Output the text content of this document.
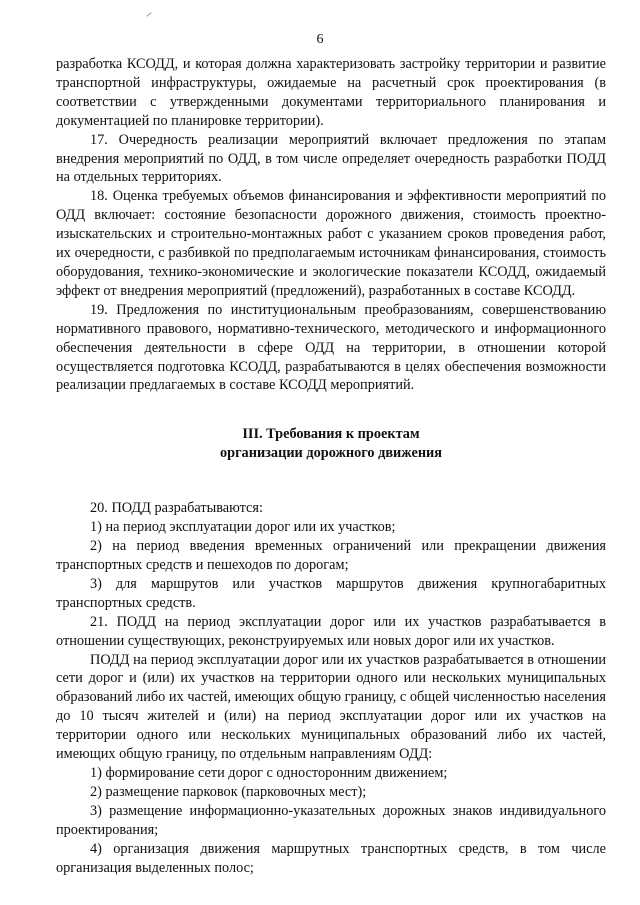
6

разработка КСОДД, и которая должна характеризовать застройку территории и развитие транспортной инфраструктуры, ожидаемые на расчетный срок проектирования (в соответствии с утвержденными документами территориального планирования и документацией по планировке территории).

17. Очередность реализации мероприятий включает предложения по этапам внедрения мероприятий по ОДД, в том числе определяет очередность разработки ПОДД на отдельных территориях.

18. Оценка требуемых объемов финансирования и эффективности мероприятий по ОДД включает: состояние безопасности дорожного движения, стоимость проектно-изыскательских и строительно-монтажных работ с указанием сроков проведения работ, их очередности, с разбивкой по предполагаемым источникам финансирования, стоимость оборудования, технико-экономические и экологические показатели КСОДД, ожидаемый эффект от внедрения мероприятий (предложений), разработанных в составе КСОДД.

19. Предложения по институциональным преобразованиям, совершенствованию нормативного правового, нормативно-технического, методического и информационного обеспечения деятельности в сфере ОДД на территории, в отношении которой осуществляется подготовка КСОДД, разрабатываются в целях обеспечения возможности реализации предлагаемых в составе КСОДД мероприятий.

III. Требования к проектам
организации дорожного движения

20. ПОДД разрабатываются:

1) на период эксплуатации дорог или их участков;

2) на период введения временных ограничений или прекращении движения транспортных средств и пешеходов по дорогам;

3) для маршрутов или участков маршрутов движения крупногабаритных транспортных средств.

21. ПОДД на период эксплуатации дорог или их участков разрабатывается в отношении существующих, реконструируемых или новых дорог или их участков.

ПОДД на период эксплуатации дорог или их участков разрабатывается в отношении сети дорог и (или) их участков на территории одного или нескольких муниципальных образований либо их частей, имеющих общую границу, с общей численностью населения до 10 тысяч жителей и (или) на период эксплуатации дорог или их участков на территории одного или нескольких муниципальных образований либо их частей, имеющих общую границу, по отдельным направлениям ОДД:

1) формирование сети дорог с односторонним движением;

2) размещение парковок (парковочных мест);

3) размещение информационно-указательных дорожных знаков индивидуального проектирования;

4) организация движения маршрутных транспортных средств, в том числе организация выделенных полос;
